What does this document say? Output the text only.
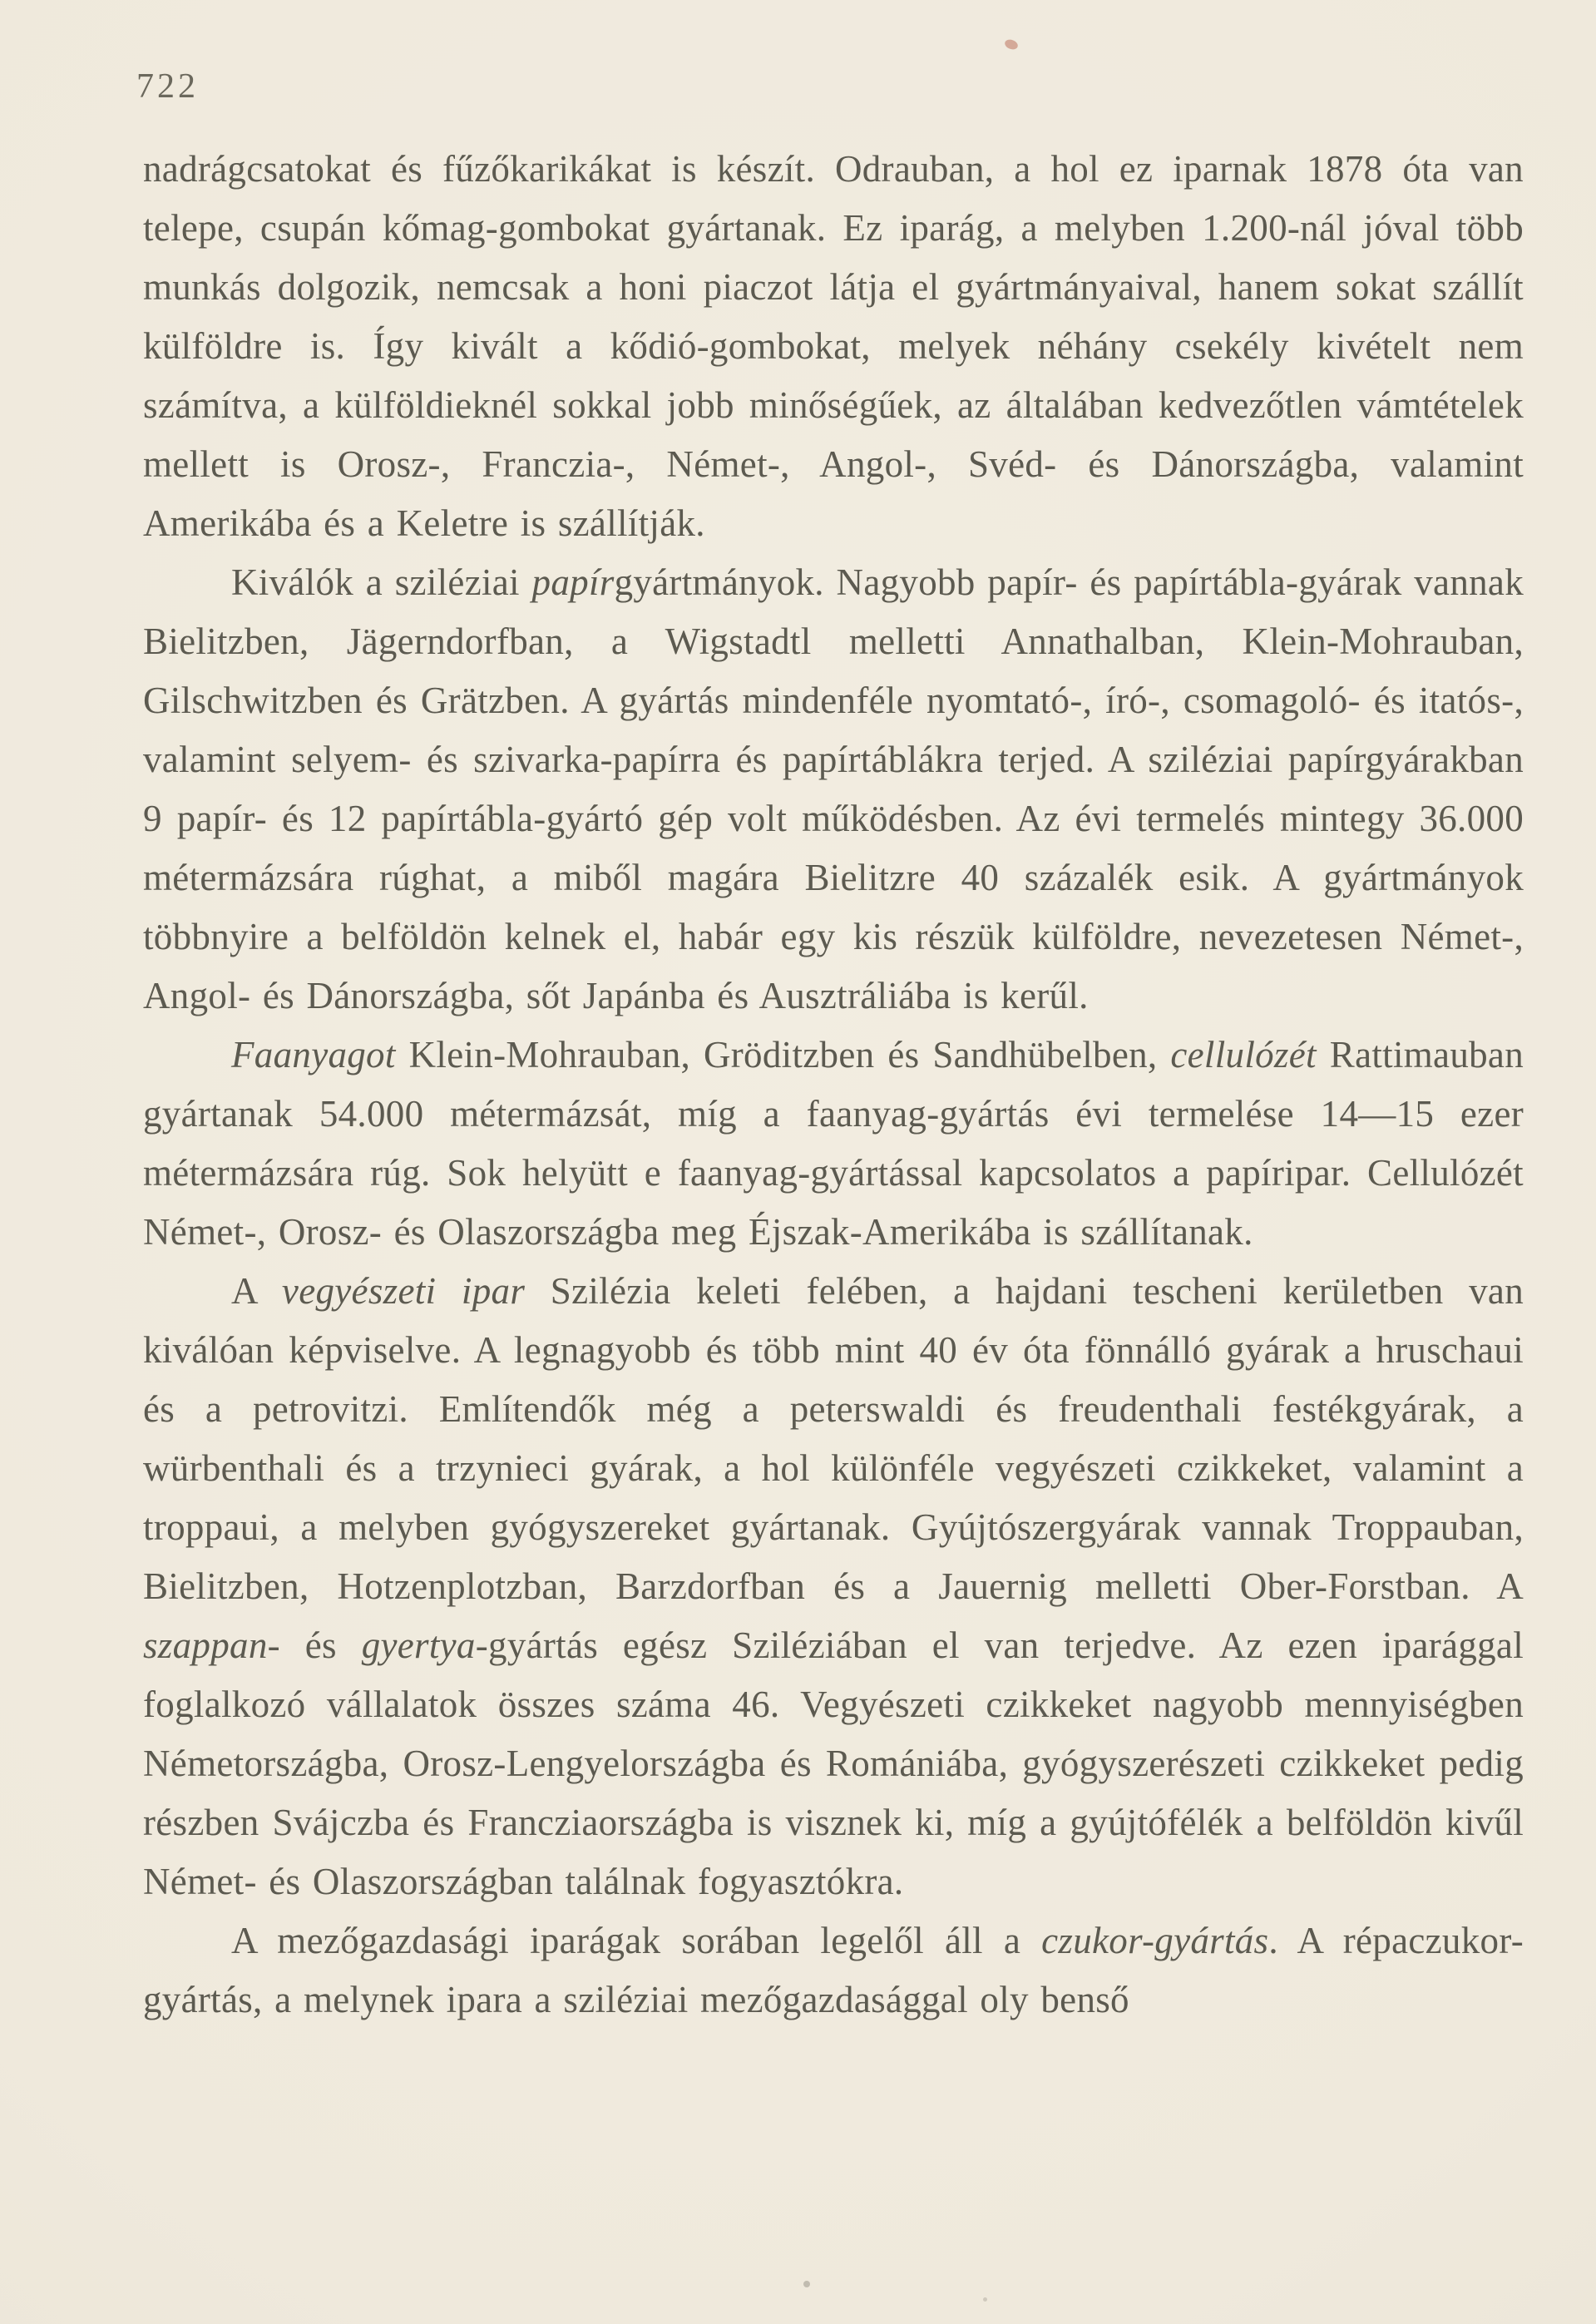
722

nadrágcsatokat és fűzőkarikákat is készít. Odrauban, a hol ez iparnak 1878 óta van telepe, csupán kőmag-gombokat gyártanak. Ez iparág, a melyben 1.200-nál jóval több munkás dolgozik, nemcsak a honi piaczot látja el gyártmányaival, hanem sokat szállít külföldre is. Így kivált a kődió-gombokat, melyek néhány csekély kivételt nem számítva, a külföldieknél sokkal jobb minőségűek, az általában kedvezőtlen vámtételek mellett is Orosz-, Franczia-, Német-, Angol-, Svéd- és Dánországba, valamint Amerikába és a Keletre is szállítják.

Kiválók a sziléziai papírgyártmányok. Nagyobb papír- és papírtábla-gyárak vannak Bielitzben, Jägerndorfban, a Wigstadtl melletti Annathalban, Klein-Mohrauban, Gilschwitzben és Grätzben. A gyártás mindenféle nyomtató-, író-, csomagoló- és itatós-, valamint selyem- és szivarka-papírra és papírtáblákra terjed. A sziléziai papírgyárakban 9 papír- és 12 papírtábla-gyártó gép volt működésben. Az évi termelés mintegy 36.000 métermázsára rúghat, a miből magára Bielitzre 40 százalék esik. A gyártmányok többnyire a belföldön kelnek el, habár egy kis részük külföldre, nevezetesen Német-, Angol- és Dánországba, sőt Japánba és Ausztráliába is kerűl.

Faanyagot Klein-Mohrauban, Gröditzben és Sandhübelben, cellulózét Rattimauban gyártanak 54.000 métermázsát, míg a faanyag-gyártás évi termelése 14—15 ezer métermázsára rúg. Sok helyütt e faanyag-gyártással kapcsolatos a papíripar. Cellulózét Német-, Orosz- és Olaszországba meg Éjszak-Amerikába is szállítanak.

A vegyészeti ipar Szilézia keleti felében, a hajdani tescheni kerületben van kiválóan képviselve. A legnagyobb és több mint 40 év óta fönnálló gyárak a hruschaui és a petrovitzi. Említendők még a peterswaldi és freudenthali festékgyárak, a würbenthali és a trzynieci gyárak, a hol különféle vegyészeti czikkeket, valamint a troppaui, a melyben gyógyszereket gyártanak. Gyújtószergyárak vannak Troppauban, Bielitzben, Hotzenplotzban, Barzdorfban és a Jauernig melletti Ober-Forstban. A szappan- és gyertya-gyártás egész Sziléziában el van terjedve. Az ezen iparággal foglalkozó vállalatok összes száma 46. Vegyészeti czikkeket nagyobb mennyiségben Németországba, Orosz-Lengyelországba és Romániába, gyógyszerészeti czikkeket pedig részben Svájczba és Francziaországba is visznek ki, míg a gyújtófélék a belföldön kivűl Német- és Olaszországban találnak fogyasztókra.

A mezőgazdasági iparágak sorában legelől áll a czukor-gyártás. A répaczukor-gyártás, a melynek ipara a sziléziai mezőgazdasággal oly benső
